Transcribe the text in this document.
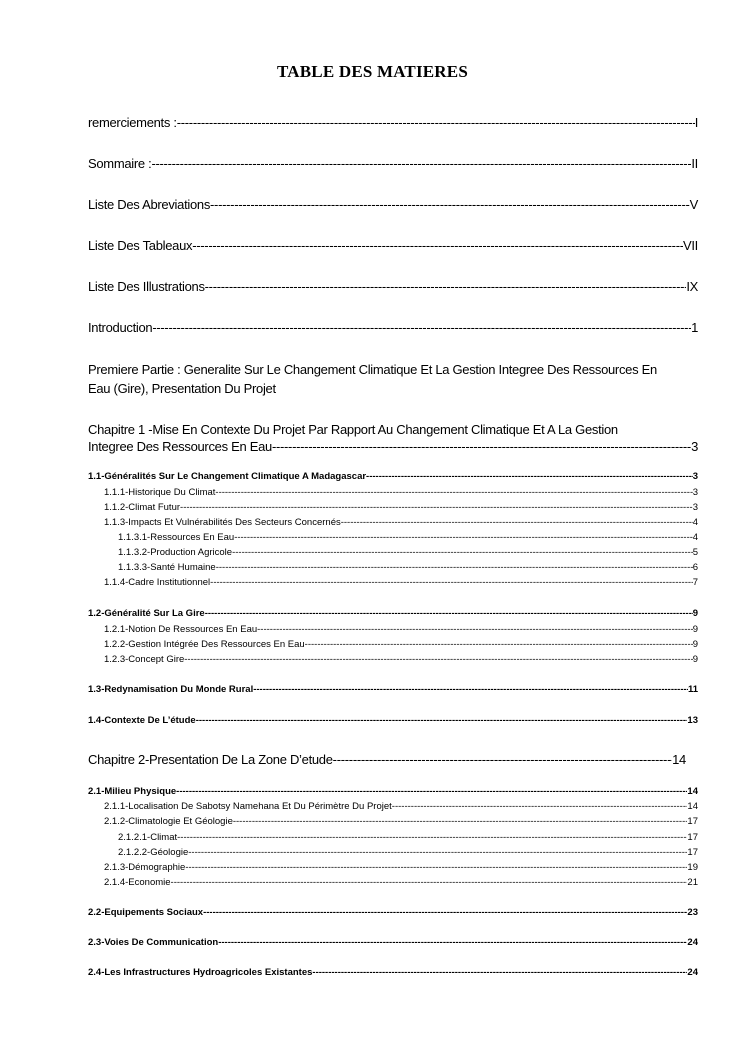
TABLE DES MATIERES
remerciements : -----	I
Sommaire : -----	II
Liste Des Abreviations -----	V
Liste Des Tableaux -----	VII
Liste Des Illustrations -----	IX
Introduction -----	1
Premiere Partie : Generalite Sur Le Changement Climatique Et La Gestion Integree Des Ressources En
Eau (Gire), Presentation Du Projet
Chapitre 1 -Mise En Contexte Du Projet Par Rapport Au Changement Climatique Et A La Gestion
Integree Des Ressources En Eau -----	3
1.1-Généralités Sur Le Changement Climatique A Madagascar -----	3
1.1.1-Historique Du Climat -----	3
1.1.2-Climat Futur -----	3
1.1.3-Impacts Et Vulnérabilités Des Secteurs Concernés -----	4
1.1.3.1-Ressources En Eau -----	4
1.1.3.2-Production Agricole -----	5
1.1.3.3-Santé Humaine -----	6
1.1.4-Cadre Institutionnel -----	7
1.2-Généralité Sur La Gire -----	9
1.2.1-Notion De Ressources En Eau -----	9
1.2.2-Gestion Intégrée Des Ressources En Eau -----	9
1.2.3-Concept Gire -----	9
1.3-Redynamisation Du Monde Rural -----	11
1.4-Contexte De L’étude -----	13
Chapitre 2-Presentation De La Zone D’etude -----	14
2.1-Milieu Physique -----	14
2.1.1-Localisation De Sabotsy Namehana Et Du Périmètre Du Projet -----	14
2.1.2-Climatologie Et Géologie -----	17
2.1.2.1-Climat -----	17
2.1.2.2-Géologie -----	17
2.1.3-Démographie -----	19
2.1.4-Economie -----	21
2.2-Equipements Sociaux -----	23
2.3-Voies De Communication -----	24
2.4-Les Infrastructures Hydroagricoles Existantes -----	24
